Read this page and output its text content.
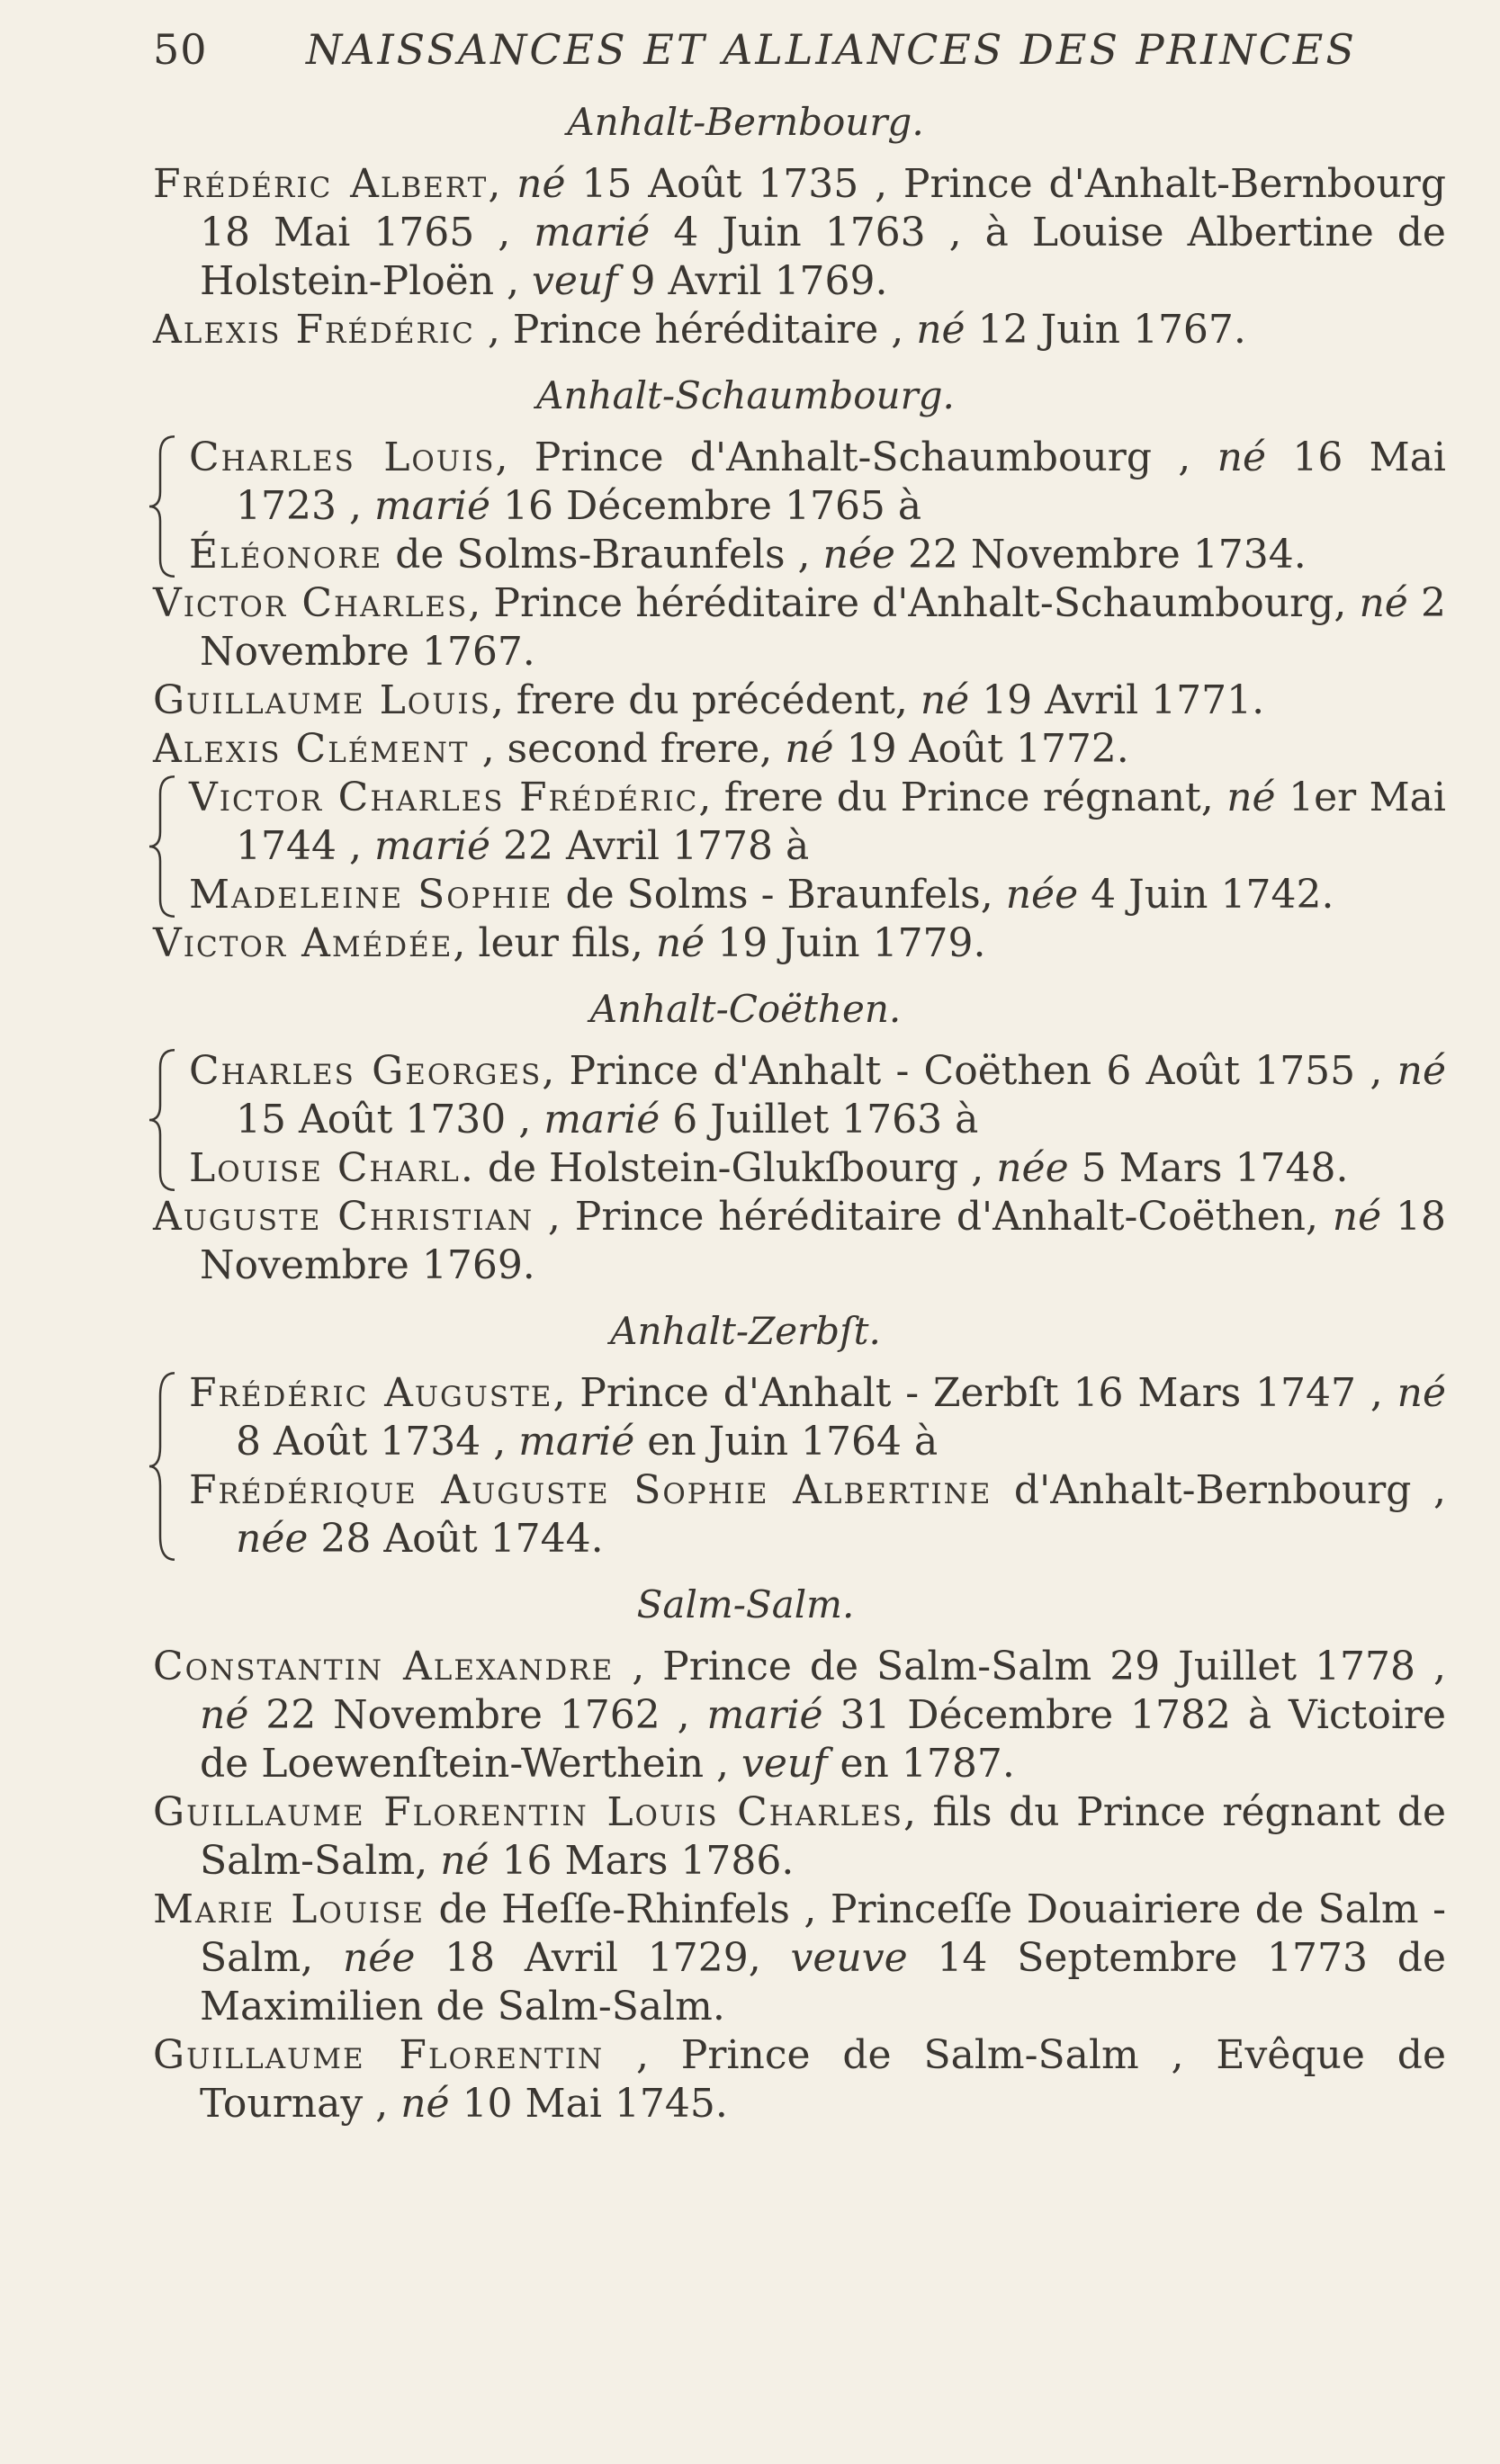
50	NAISSANCES ET ALLIANCES DES PRINCES
Anhalt-Bernbourg.

Frédéric Albert, né 15 Août 1735 , Prince d'Anhalt-Bernbourg 18 Mai 1765 , marié 4 Juin 1763 , à Louise Albertine de Holstein-Ploën , veuf 9 Avril 1769.

Alexis Frédéric , Prince héréditaire , né 12 Juin 1767.

Anhalt-Schaumbourg.

Charles Louis, Prince d'Anhalt-Schaumbourg , né 16 Mai 1723 , marié 16 Décembre 1765 à

Éléonore de Solms-Braunfels , née 22 Novembre 1734.

Victor Charles, Prince héréditaire d'Anhalt-Schaumbourg, né 2 Novembre 1767.

Guillaume Louis, frere du précédent, né 19 Avril 1771.

Alexis Clément , second frere, né 19 Août 1772.

Victor Charles Frédéric, frere du Prince régnant, né 1er Mai 1744 , marié 22 Avril 1778 à

Madeleine Sophie de Solms - Braunfels, née 4 Juin 1742.

Victor Amédée, leur fils, né 19 Juin 1779.

Anhalt-Coëthen.

Charles Georges, Prince d'Anhalt - Coëthen 6 Août 1755 , né 15 Août 1730 , marié 6 Juillet 1763 à

Louise Charl. de Holstein-Glukſbourg , née 5 Mars 1748.

Auguste Christian , Prince héréditaire d'Anhalt-Coëthen, né 18 Novembre 1769.

Anhalt-Zerbſt.

Frédéric Auguste, Prince d'Anhalt - Zerbſt 16 Mars 1747 , né 8 Août 1734 , marié en Juin 1764 à

Frédérique Auguste Sophie Albertine d'Anhalt-Bernbourg , née 28 Août 1744.

Salm-Salm.

Constantin Alexandre , Prince de Salm-Salm 29 Juillet 1778 , né 22 Novembre 1762 , marié 31 Décembre 1782 à Victoire de Loewenſtein-Werthein , veuf en 1787.

Guillaume Florentin Louis Charles, fils du Prince régnant de Salm-Salm, né 16 Mars 1786.

Marie Louise de Heſſe-Rhinfels , Princeſſe Douairiere de Salm - Salm, née 18 Avril 1729, veuve 14 Septembre 1773 de Maximilien de Salm-Salm.

Guillaume Florentin , Prince de Salm-Salm , Evêque de Tournay , né 10 Mai 1745.
